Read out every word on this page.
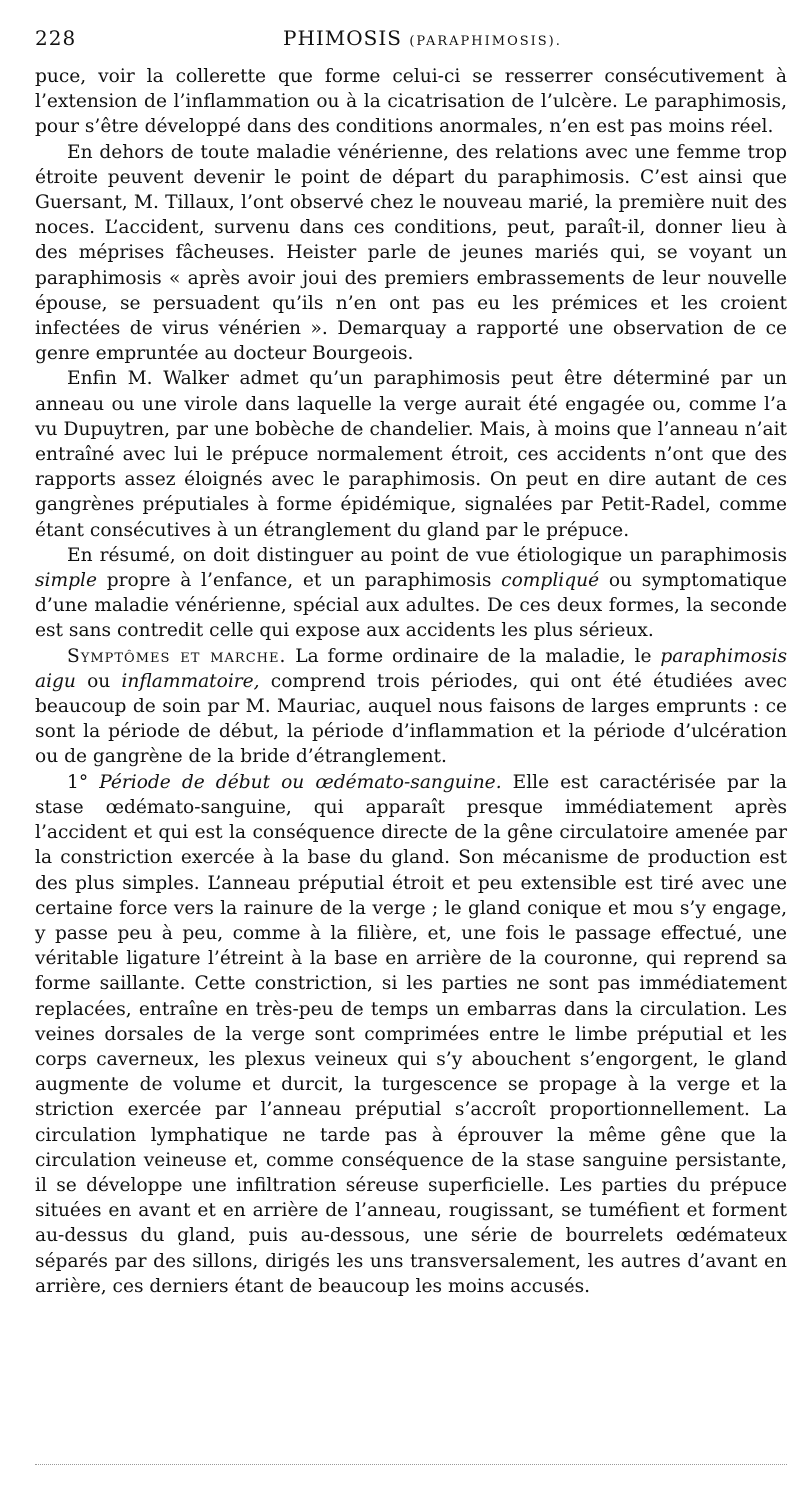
228	PHIMOSIS (PARAPHIMOSIS).

puce, voir la collerette que forme celui-ci se resserrer consécutivement à l’extension de l’inflammation ou à la cicatrisation de l’ulcère. Le paraphimosis, pour s’être développé dans des conditions anormales, n’en est pas moins réel.

En dehors de toute maladie vénérienne, des relations avec une femme trop étroite peuvent devenir le point de départ du paraphimosis. C’est ainsi que Guersant, M. Tillaux, l’ont observé chez le nouveau marié, la première nuit des noces. L’accident, survenu dans ces conditions, peut, paraît-il, donner lieu à des méprises fâcheuses. Heister parle de jeunes mariés qui, se voyant un paraphimosis « après avoir joui des premiers embrassements de leur nouvelle épouse, se persuadent qu’ils n’en ont pas eu les prémices et les croient infectées de virus vénérien ». Demarquay a rapporté une observation de ce genre empruntée au docteur Bourgeois.

Enfin M. Walker admet qu’un paraphimosis peut être déterminé par un anneau ou une virole dans laquelle la verge aurait été engagée ou, comme l’a vu Dupuytren, par une bobèche de chandelier. Mais, à moins que l’anneau n’ait entraîné avec lui le prépuce normalement étroit, ces accidents n’ont que des rapports assez éloignés avec le paraphimosis. On peut en dire autant de ces gangrènes préputiales à forme épidémique, signalées par Petit-Radel, comme étant consécutives à un étranglement du gland par le prépuce.

En résumé, on doit distinguer au point de vue étiologique un paraphimosis simple propre à l’enfance, et un paraphimosis compliqué ou symptomatique d’une maladie vénérienne, spécial aux adultes. De ces deux formes, la seconde est sans contredit celle qui expose aux accidents les plus sérieux.

Symptômes et marche. La forme ordinaire de la maladie, le paraphimosis aigu ou inflammatoire, comprend trois périodes, qui ont été étudiées avec beaucoup de soin par M. Mauriac, auquel nous faisons de larges emprunts : ce sont la période de début, la période d’inflammation et la période d’ulcération ou de gangrène de la bride d’étranglement.

1° Période de début ou œdémato-sanguine. Elle est caractérisée par la stase œdémato-sanguine, qui apparaît presque immédiatement après l’accident et qui est la conséquence directe de la gêne circulatoire amenée par la constriction exercée à la base du gland. Son mécanisme de production est des plus simples. L’anneau préputial étroit et peu extensible est tiré avec une certaine force vers la rainure de la verge ; le gland conique et mou s’y engage, y passe peu à peu, comme à la filière, et, une fois le passage effectué, une véritable ligature l’étreint à la base en arrière de la couronne, qui reprend sa forme saillante. Cette constriction, si les parties ne sont pas immédiatement replacées, entraîne en très-peu de temps un embarras dans la circulation. Les veines dorsales de la verge sont comprimées entre le limbe préputial et les corps caverneux, les plexus veineux qui s’y abouchent s’engorgent, le gland augmente de volume et durcit, la turgescence se propage à la verge et la striction exercée par l’anneau préputial s’accroît proportionnellement. La circulation lymphatique ne tarde pas à éprouver la même gêne que la circulation veineuse et, comme conséquence de la stase sanguine persistante, il se développe une infiltration séreuse superficielle. Les parties du prépuce situées en avant et en arrière de l’anneau, rougissant, se tuméfient et forment au-dessus du gland, puis au-dessous, une série de bourrelets œdémateux séparés par des sillons, dirigés les uns transversalement, les autres d’avant en arrière, ces derniers étant de beaucoup les moins accusés.
